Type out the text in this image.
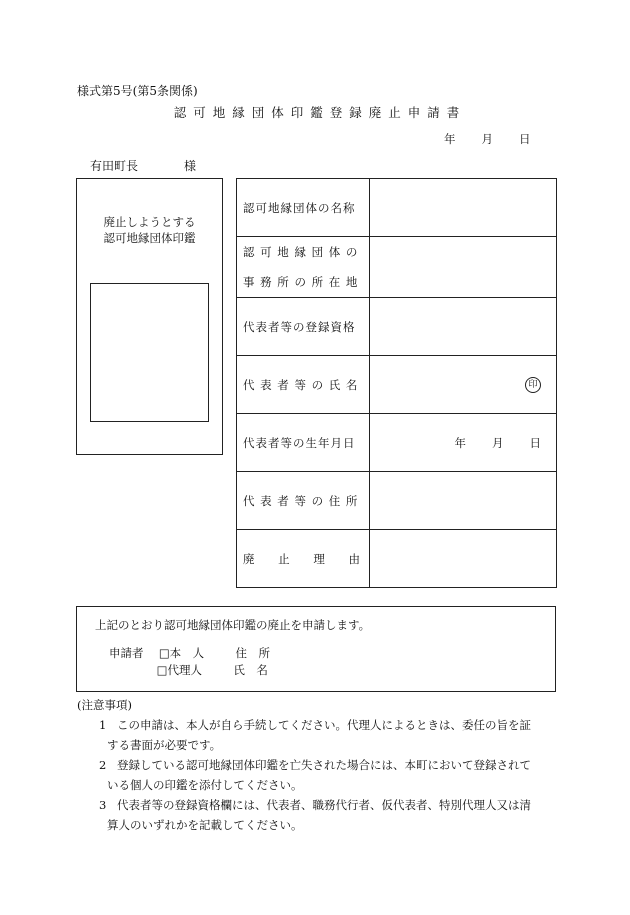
様式第5号(第5条関係)
認可地縁団体印鑑登録廃止申請書
年 月 日
有田町長	様
廃止しようとする
認可地縁団体印鑑
認可地縁団体の名称	

認 可 地 縁 団 体 の
事 務 所 の 所 在 地	

代表者等の登録資格	
代 表 者 等 の 氏 名	印
代表者等の生年月日	年 月 日
代 表 者 等 の 住 所	

廃 止 理 由	

上記のとおり認可地縁団体印鑑の廃止を申請します。
申請者 □本　人	住　所
□代理人	氏　名
(注意事項)
1 この申請は、本人が自ら手続してください。代理人によるときは、委任の旨を証
する書面が必要です。
2 登録している認可地縁団体印鑑を亡失された場合には、本町において登録されて
いる個人の印鑑を添付してください。
3 代表者等の登録資格欄には、代表者、職務代行者、仮代表者、特別代理人又は清
算人のいずれかを記載してください。
